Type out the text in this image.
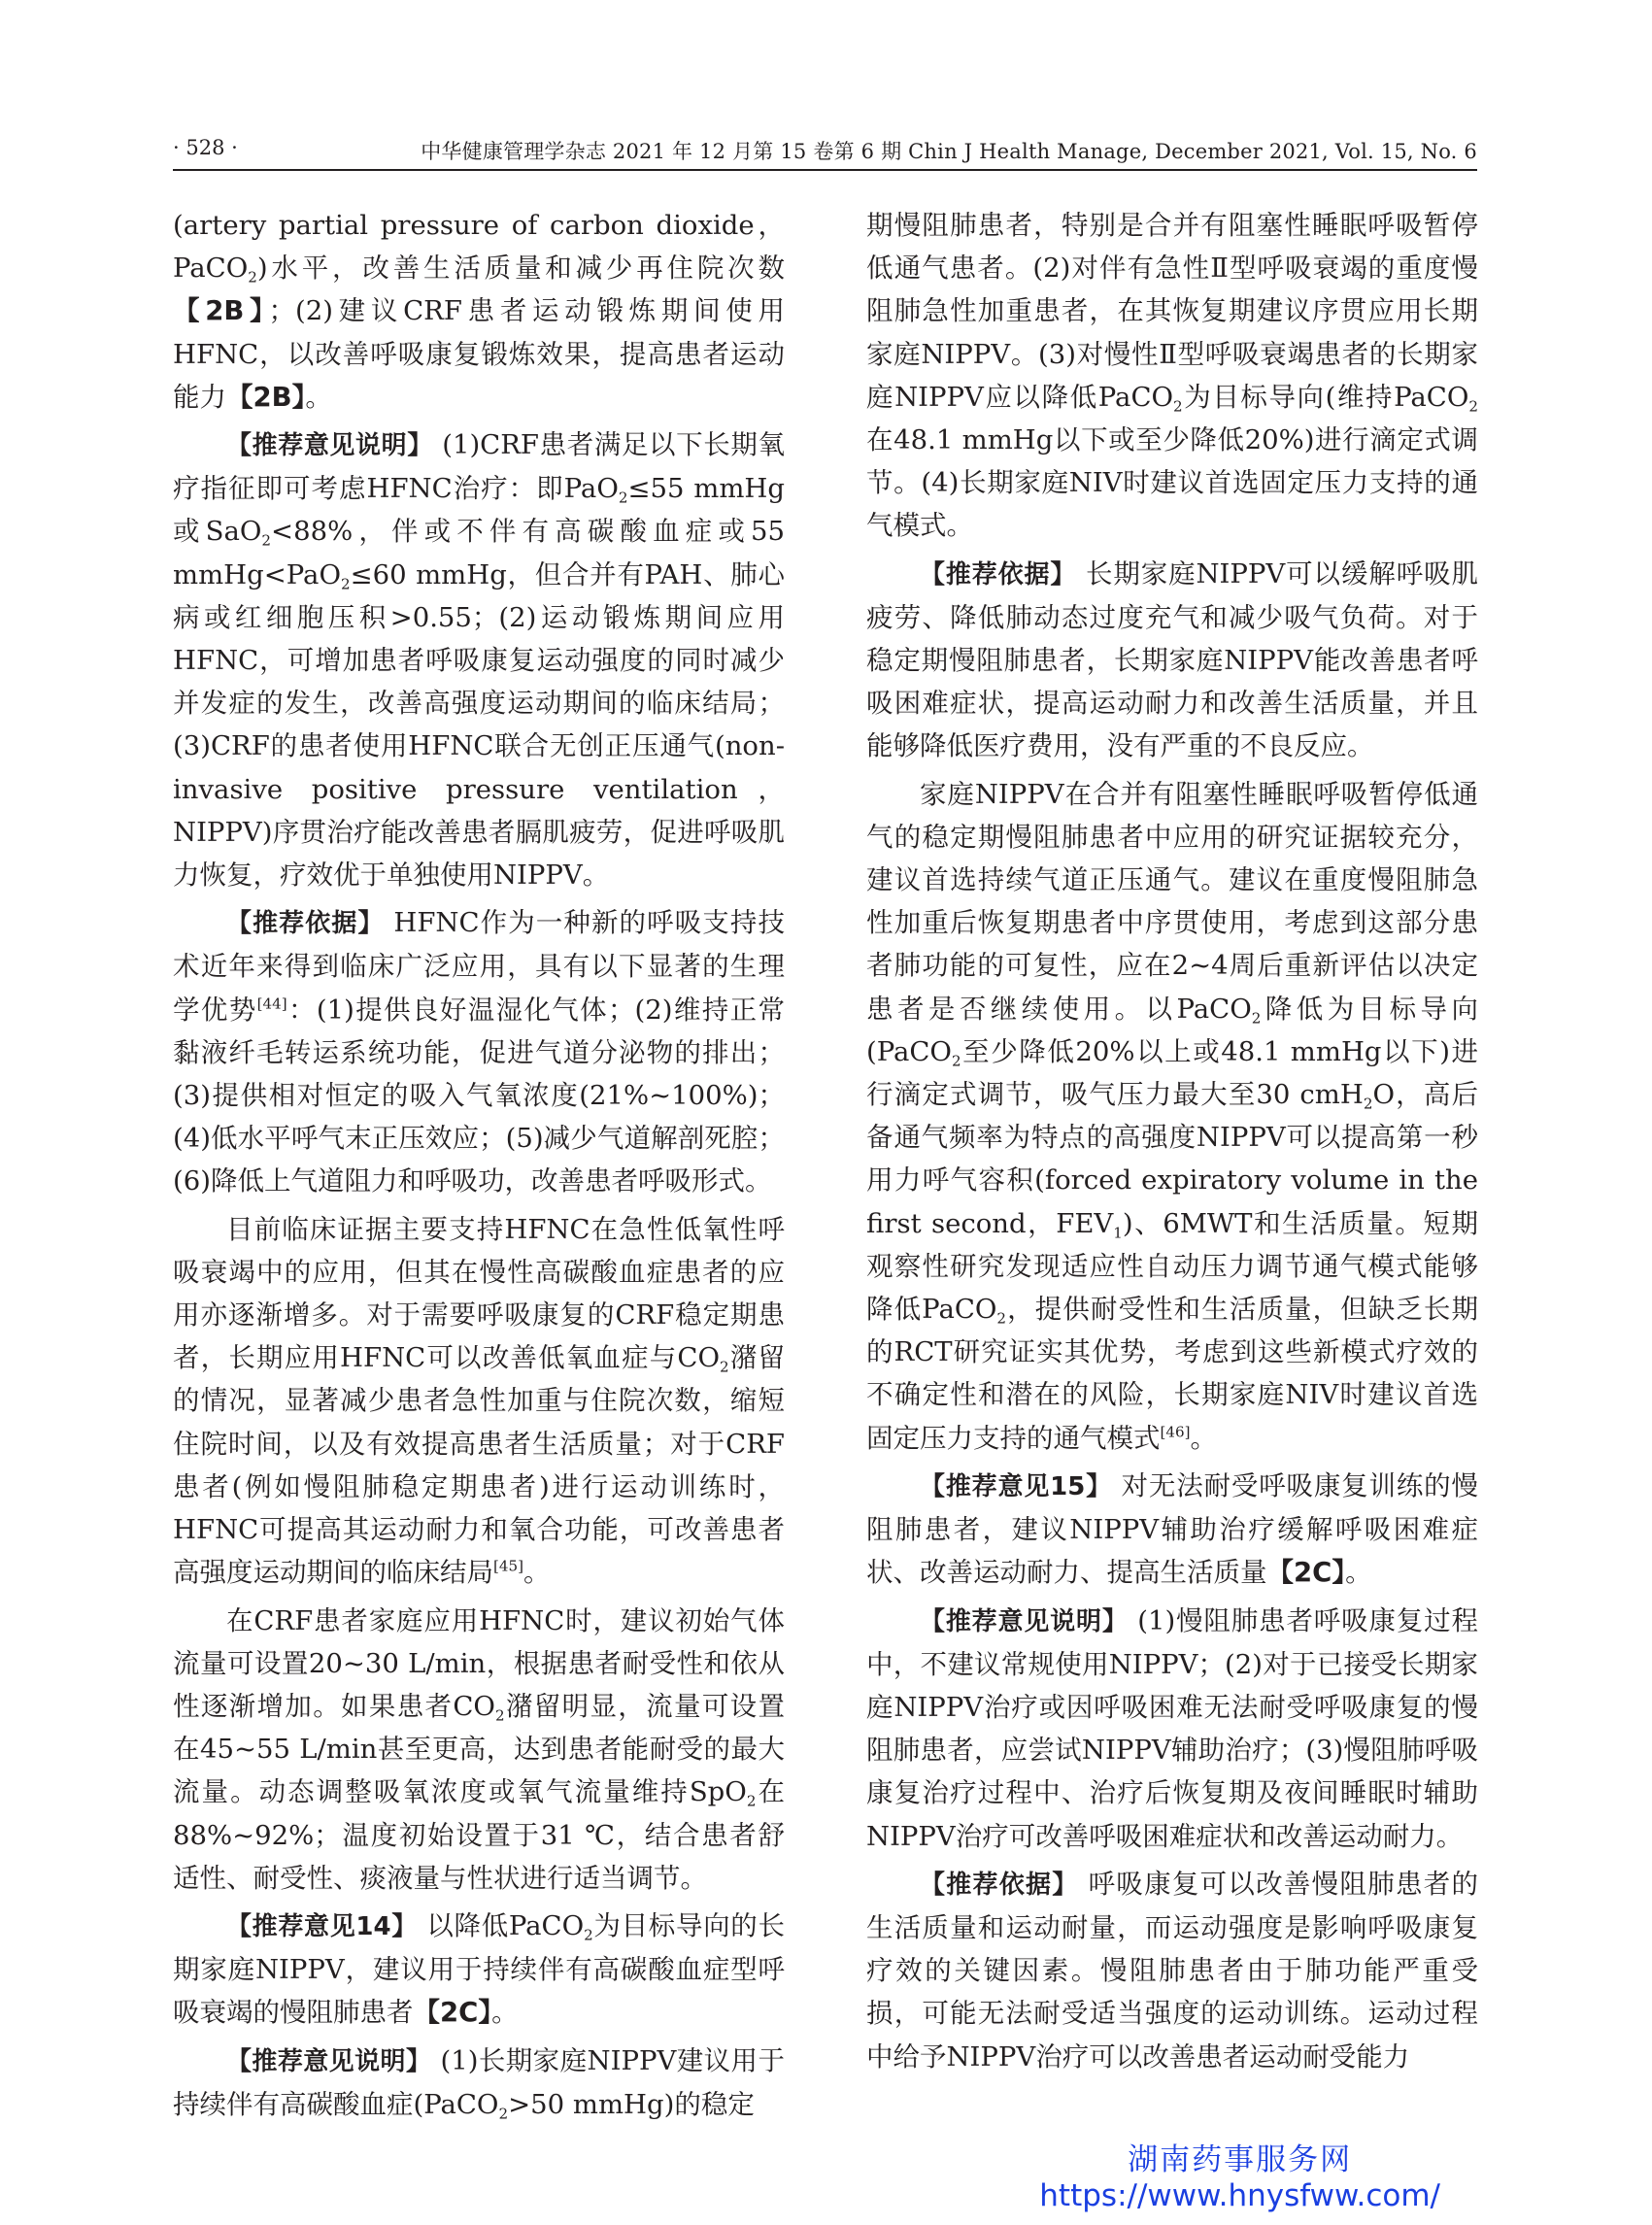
· 528 ·	中华健康管理学杂志 2021 年 12 月第 15 卷第 6 期 Chin J Health Manage, December 2021, Vol. 15, No. 6

(artery partial pressure of carbon dioxide，PaCO$_2$)水平，改善生活质量和减少再住院次数【2B】；(2)建议CRF患者运动锻炼期间使用HFNC，以改善呼吸康复锻炼效果，提高患者运动能力【2B】。

【推荐意见说明】 (1)CRF患者满足以下长期氧疗指征即可考虑HFNC治疗：即PaO$_2$≤55 mmHg或SaO$_2$<88%，伴或不伴有高碳酸血症或55 mmHg<PaO$_2$≤60 mmHg，但合并有PAH、肺心病或红细胞压积>0.55；(2)运动锻炼期间应用HFNC，可增加患者呼吸康复运动强度的同时减少并发症的发生，改善高强度运动期间的临床结局；(3)CRF的患者使用HFNC联合无创正压通气(non-invasive positive pressure ventilation，NIPPV)序贯治疗能改善患者膈肌疲劳，促进呼吸肌力恢复，疗效优于单独使用NIPPV。

【推荐依据】 HFNC作为一种新的呼吸支持技术近年来得到临床广泛应用，具有以下显著的生理学优势[44]：(1)提供良好温湿化气体；(2)维持正常黏液纤毛转运系统功能，促进气道分泌物的排出；(3)提供相对恒定的吸入气氧浓度(21%~100%)；(4)低水平呼气末正压效应；(5)减少气道解剖死腔；(6)降低上气道阻力和呼吸功，改善患者呼吸形式。

目前临床证据主要支持HFNC在急性低氧性呼吸衰竭中的应用，但其在慢性高碳酸血症患者的应用亦逐渐增多。对于需要呼吸康复的CRF稳定期患者，长期应用HFNC可以改善低氧血症与$CO_2$潴留的情况，显著减少患者急性加重与住院次数，缩短住院时间，以及有效提高患者生活质量；对于CRF患者(例如慢阻肺稳定期患者)进行运动训练时，HFNC可提高其运动耐力和氧合功能，可改善患者高强度运动期间的临床结局[45]。

在CRF患者家庭应用HFNC时，建议初始气体流量可设置20~30 L/min，根据患者耐受性和依从性逐渐增加。如果患者$CO_2$潴留明显，流量可设置在45~55 L/min甚至更高，达到患者能耐受的最大流量。动态调整吸氧浓度或氧气流量维持SpO$_2$在88%~92%；温度初始设置于31 ℃，结合患者舒适性、耐受性、痰液量与性状进行适当调节。

【推荐意见14】 以降低PaCO$_2$为目标导向的长期家庭NIPPV，建议用于持续伴有高碳酸血症型呼吸衰竭的慢阻肺患者【2C】。

【推荐意见说明】 (1)长期家庭NIPPV建议用于持续伴有高碳酸血症(PaCO$_2$>50 mmHg)的稳定

期慢阻肺患者，特别是合并有阻塞性睡眠呼吸暂停低通气患者。(2)对伴有急性Ⅱ型呼吸衰竭的重度慢阻肺急性加重患者，在其恢复期建议序贯应用长期家庭NIPPV。(3)对慢性Ⅱ型呼吸衰竭患者的长期家庭NIPPV应以降低PaCO$_2$为目标导向(维持PaCO$_2$在48.1 mmHg以下或至少降低20%)进行滴定式调节。(4)长期家庭NIV时建议首选固定压力支持的通气模式。

【推荐依据】 长期家庭NIPPV可以缓解呼吸肌疲劳、降低肺动态过度充气和减少吸气负荷。对于稳定期慢阻肺患者，长期家庭NIPPV能改善患者呼吸困难症状，提高运动耐力和改善生活质量，并且能够降低医疗费用，没有严重的不良反应。

家庭NIPPV在合并有阻塞性睡眠呼吸暂停低通气的稳定期慢阻肺患者中应用的研究证据较充分，建议首选持续气道正压通气。建议在重度慢阻肺急性加重后恢复期患者中序贯使用，考虑到这部分患者肺功能的可复性，应在2~4周后重新评估以决定患者是否继续使用。以PaCO$_2$降低为目标导向(PaCO$_2$至少降低20%以上或48.1 mmHg以下)进行滴定式调节，吸气压力最大至30 cmH$_2$O，高后备通气频率为特点的高强度NIPPV可以提高第一秒用力呼气容积(forced expiratory volume in the first second，$FEV_1$)、6MWT和生活质量。短期观察性研究发现适应性自动压力调节通气模式能够降低PaCO$_2$，提供耐受性和生活质量，但缺乏长期的RCT研究证实其优势，考虑到这些新模式疗效的不确定性和潜在的风险，长期家庭NIV时建议首选固定压力支持的通气模式[46]。

【推荐意见15】 对无法耐受呼吸康复训练的慢阻肺患者，建议NIPPV辅助治疗缓解呼吸困难症状、改善运动耐力、提高生活质量【2C】。

【推荐意见说明】 (1)慢阻肺患者呼吸康复过程中，不建议常规使用NIPPV；(2)对于已接受长期家庭NIPPV治疗或因呼吸困难无法耐受呼吸康复的慢阻肺患者，应尝试NIPPV辅助治疗；(3)慢阻肺呼吸康复治疗过程中、治疗后恢复期及夜间睡眠时辅助NIPPV治疗可改善呼吸困难症状和改善运动耐力。

【推荐依据】 呼吸康复可以改善慢阻肺患者的生活质量和运动耐量，而运动强度是影响呼吸康复疗效的关键因素。慢阻肺患者由于肺功能严重受损，可能无法耐受适当强度的运动训练。运动过程中给予NIPPV治疗可以改善患者运动耐受能力

湖南药事服务网
https://www.hnysfww.com/
